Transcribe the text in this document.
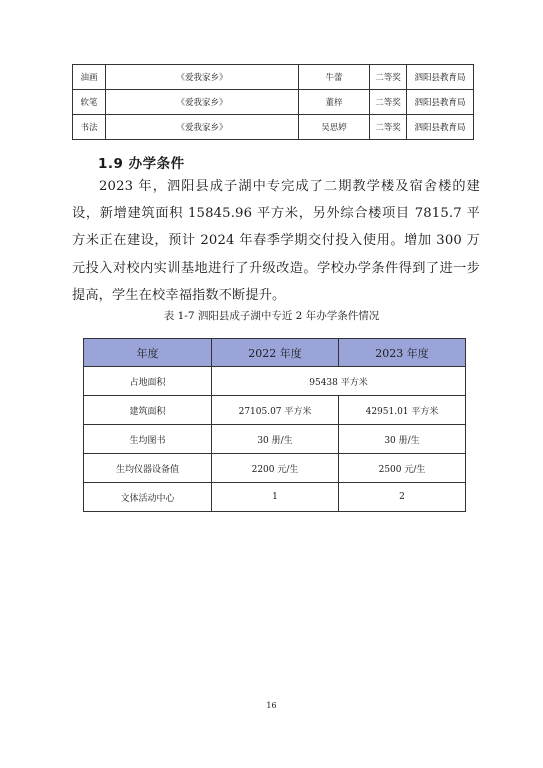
油画	《爱我家乡》	牛蕾	二等奖	泗阳县教育局
软笔	《爱我家乡》	董梓	二等奖	泗阳县教育局
书法	《爱我家乡》	吴思婷	二等奖	泗阳县教育局
1.9 办学条件

2023 年，泗阳县成子湖中专完成了二期教学楼及宿舍楼的建设，新增建筑面积 15845.96 平方米，另外综合楼项目 7815.7 平方米正在建设，预计 2024 年春季学期交付投入使用。增加 300 万元投入对校内实训基地进行了升级改造。学校办学条件得到了进一步提高，学生在校幸福指数不断提升。

表 1-7 泗阳县成子湖中专近 2 年办学条件情况

年度	2022 年度	2023 年度
占地面积	95438 平方米	
建筑面积	27105.07 平方米	42951.01 平方米
生均图书	30 册/生	30 册/生
生均仪器设备值	2200 元/生	2500 元/生
文体活动中心	1	2

16
